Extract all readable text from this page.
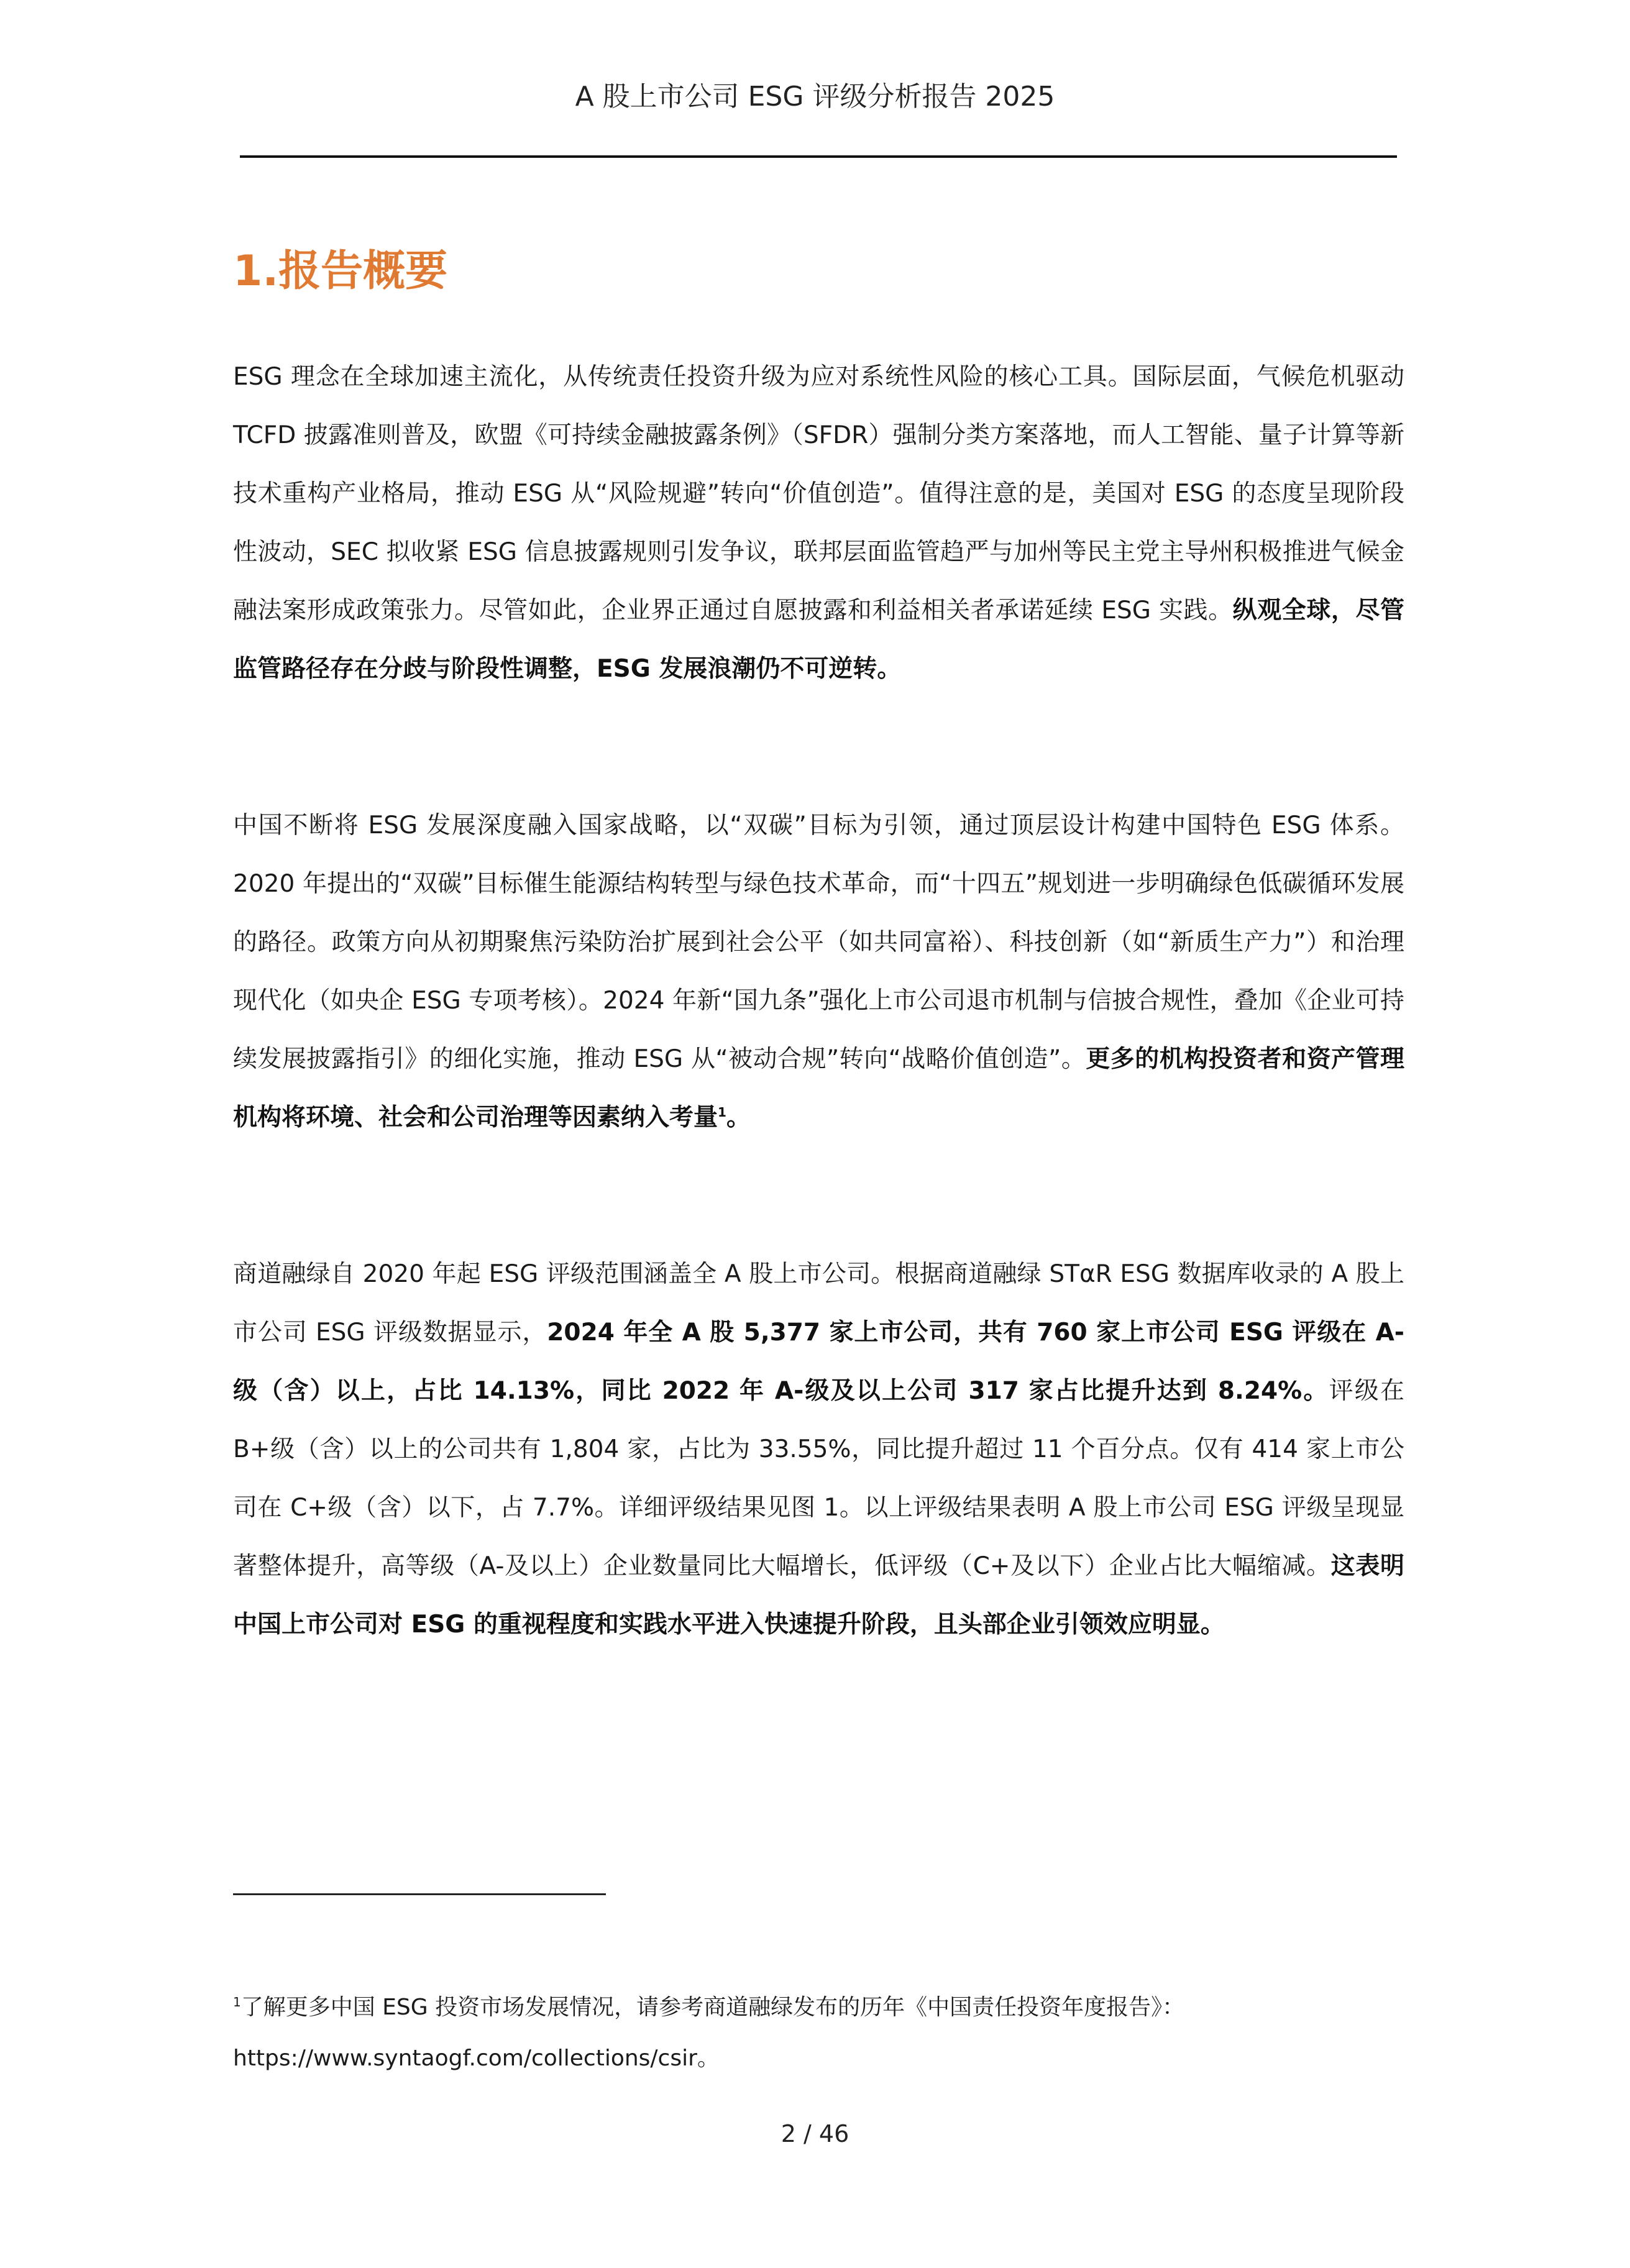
A 股上市公司 ESG 评级分析报告 2025
1.报告概要

ESG 理念在全球加速主流化，从传统责任投资升级为应对系统性风险的核心工具。国际层面，气候危机驱动 TCFD 披露准则普及，欧盟《可持续金融披露条例》（SFDR）强制分类方案落地，而人工智能、量子计算等新技术重构产业格局，推动 ESG 从“风险规避”转向“价值创造”。值得注意的是，美国对 ESG 的态度呈现阶段性波动，SEC 拟收紧 ESG 信息披露规则引发争议，联邦层面监管趋严与加州等民主党主导州积极推进气候金融法案形成政策张力。尽管如此，企业界正通过自愿披露和利益相关者承诺延续 ESG 实践。纵观全球，尽管监管路径存在分歧与阶段性调整，ESG 发展浪潮仍不可逆转。

中国不断将 ESG 发展深度融入国家战略，以“双碳”目标为引领，通过顶层设计构建中国特色 ESG 体系。2020 年提出的“双碳”目标催生能源结构转型与绿色技术革命，而“十四五”规划进一步明确绿色低碳循环发展的路径。政策方向从初期聚焦污染防治扩展到社会公平（如共同富裕）、科技创新（如“新质生产力”）和治理现代化（如央企 ESG 专项考核）。2024 年新“国九条”强化上市公司退市机制与信披合规性，叠加《企业可持续发展披露指引》的细化实施，推动 ESG 从“被动合规”转向“战略价值创造”。更多的机构投资者和资产管理机构将环境、社会和公司治理等因素纳入考量$^1$。

商道融绿自 2020 年起 ESG 评级范围涵盖全 A 股上市公司。根据商道融绿 STαR ESG 数据库收录的 A 股上市公司 ESG 评级数据显示，2024 年全 A 股 5,377 家上市公司，共有 760 家上市公司 ESG 评级在 A-级（含）以上，占比 14.13%，同比 2022 年 A-级及以上公司 317 家占比提升达到 8.24%。评级在 B+级（含）以上的公司共有 1,804 家，占比为 33.55%，同比提升超过 11 个百分点。仅有 414 家上市公司在 C+级（含）以下，占 7.7%。详细评级结果见图 1。以上评级结果表明 A 股上市公司 ESG 评级呈现显著整体提升，高等级（A-及以上）企业数量同比大幅增长，低评级（C+及以下）企业占比大幅缩减。这表明中国上市公司对 ESG 的重视程度和实践水平进入快速提升阶段，且头部企业引领效应明显。

$^1$了解更多中国 ESG 投资市场发展情况，请参考商道融绿发布的历年《中国责任投资年度报告》：
https://www.syntaogf.com/collections/csir。
2 / 46
